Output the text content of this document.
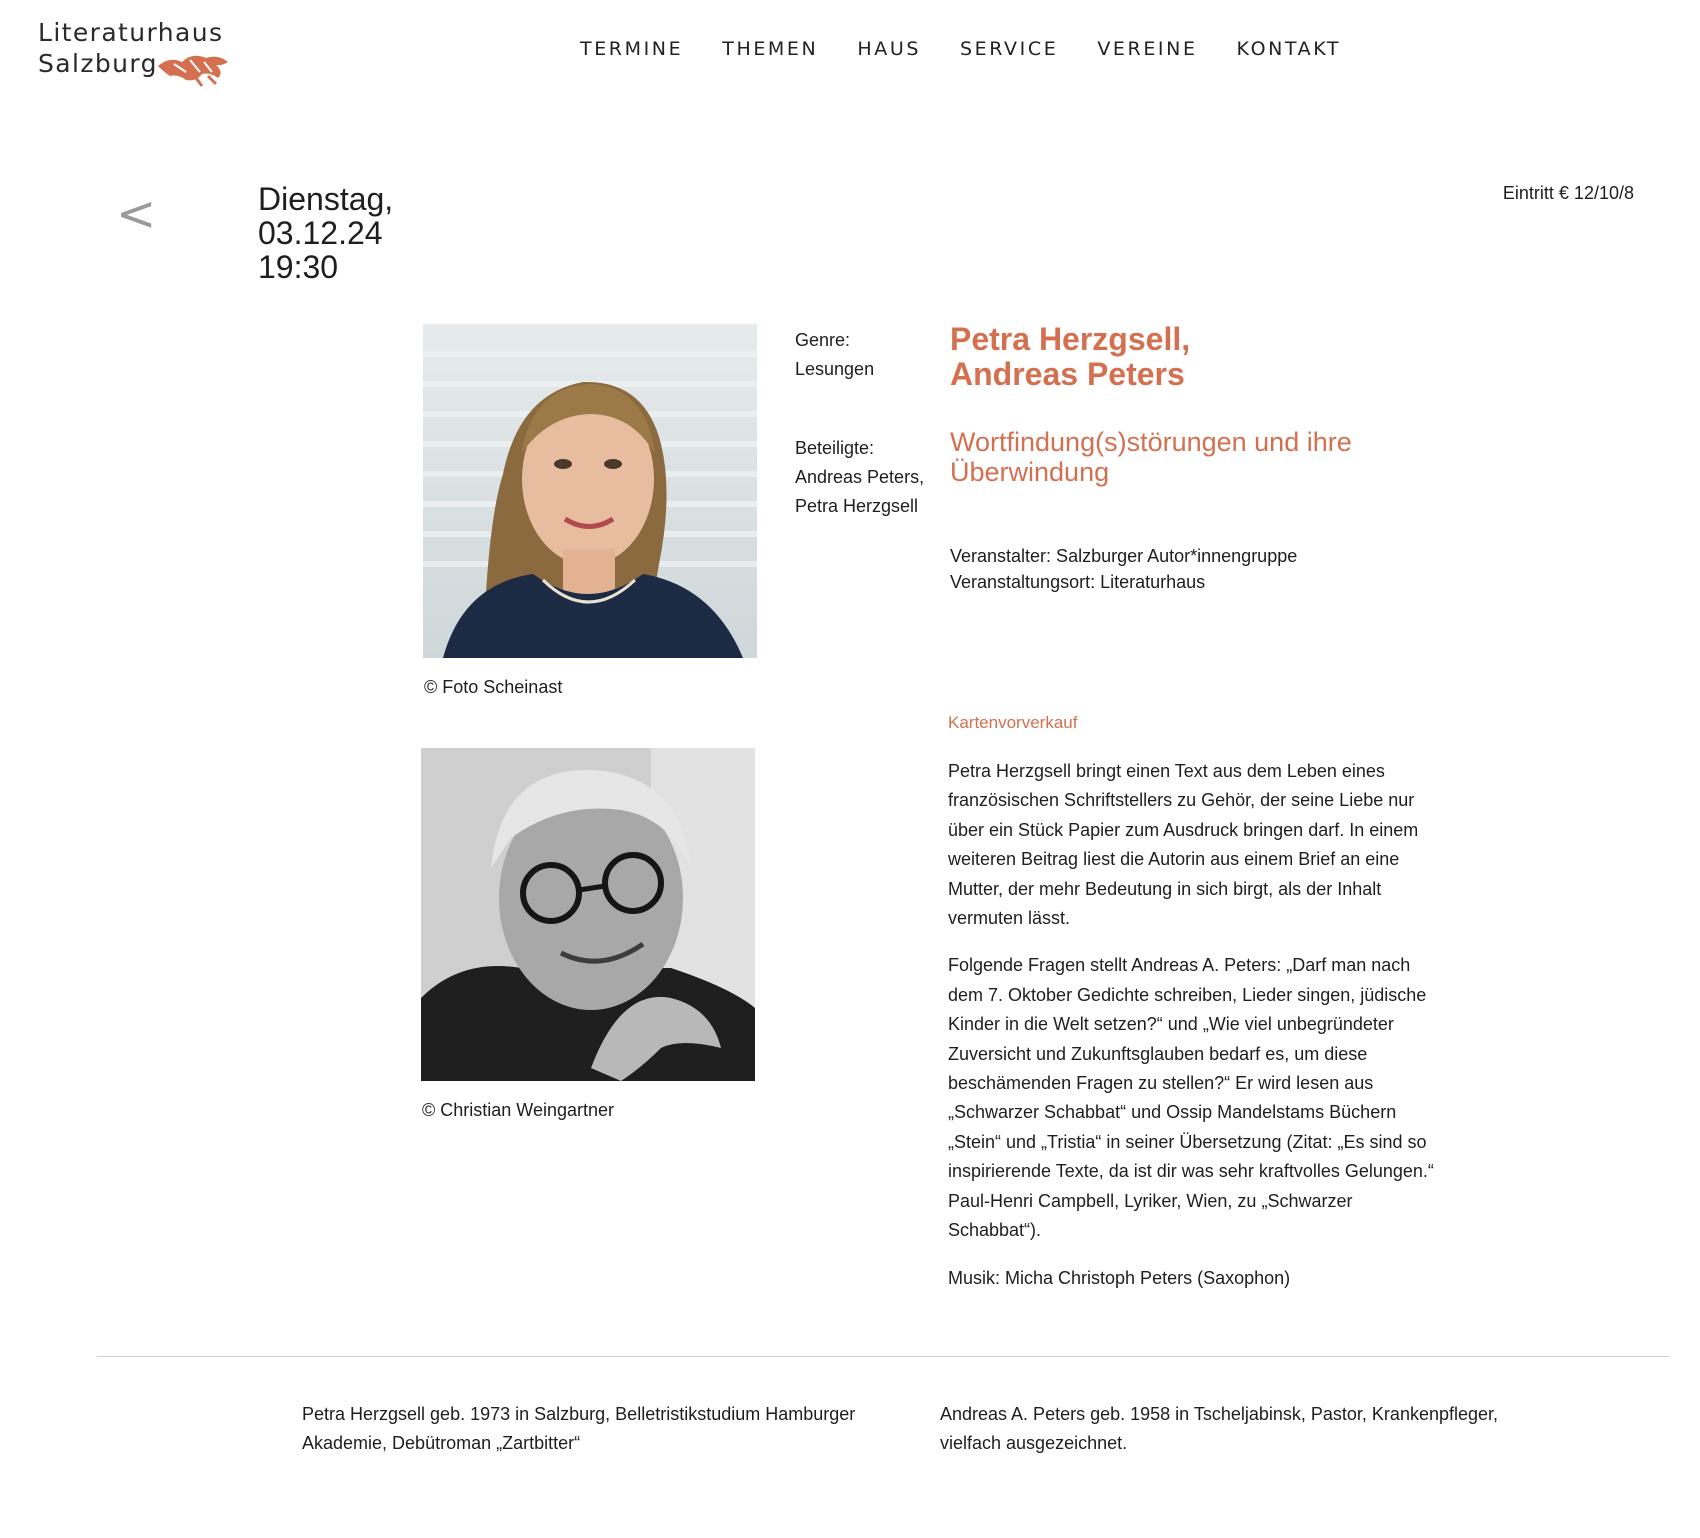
Literaturhaus
Salzburg	TERMINE THEMEN HAUS SERVICE VEREINE KONTAKT
<	Dienstag,
03.12.24
19:30
Eintritt € 12/10/8
© Foto Scheinast
© Christian Weingartner
Genre:
Lesungen
Beteiligte:
Andreas Peters, Petra Herzgsell
Petra Herzgsell,
Andreas Peters
Wortfindung(s)störungen und ihre
Überwindung
Veranstalter: Salzburger Autor*innengruppe
Veranstaltungsort: Literaturhaus
Kartenvorverkauf

Petra Herzgsell bringt einen Text aus dem Leben eines französischen Schriftstellers zu Gehör, der seine Liebe nur über ein Stück Papier zum Ausdruck bringen darf. In einem weiteren Beitrag liest die Autorin aus einem Brief an eine Mutter, der mehr Bedeutung in sich birgt, als der Inhalt vermuten lässt.

Folgende Fragen stellt Andreas A. Peters: „Darf man nach dem 7. Oktober Gedichte schreiben, Lieder singen, jüdische Kinder in die Welt setzen?“ und „Wie viel unbegründeter Zuversicht und Zukunftsglauben bedarf es, um diese beschämenden Fragen zu stellen?“ Er wird lesen aus „Schwarzer Schabbat“ und Ossip Mandelstams Büchern „Stein“ und „Tristia“ in seiner Übersetzung (Zitat: „Es sind so inspirierende Texte, da ist dir was sehr kraftvolles Gelungen.“ Paul-Henri Campbell, Lyriker, Wien, zu „Schwarzer Schabbat“).

Musik: Micha Christoph Peters (Saxophon)

Petra Herzgsell geb. 1973 in Salzburg, Belletristikstudium Hamburger Akademie, Debütroman „Zartbitter“
Andreas A. Peters geb. 1958 in Tscheljabinsk, Pastor, Krankenpfleger, vielfach ausgezeichnet.
